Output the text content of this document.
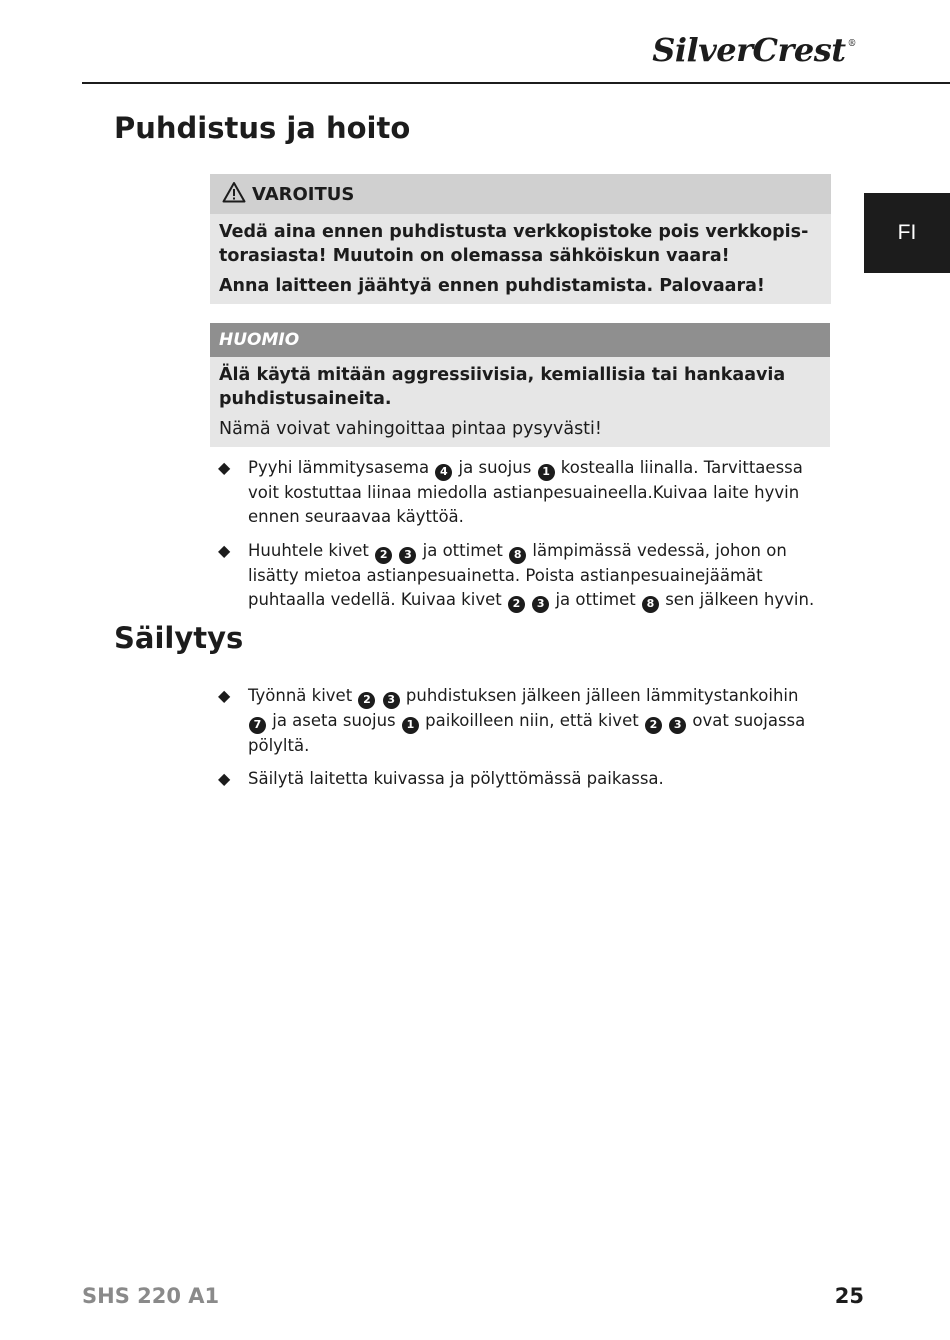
SilverCrest ®
FI
Puhdistus ja hoito
VAROITUS

Vedä aina ennen puhdistusta verkkopistoke pois verkkopistorasiasta! Muutoin on olemassa sähköiskun vaara!

Anna laitteen jäähtyä ennen puhdistamista. Palovaara!

HUOMIO

Älä käytä mitään aggressiivisia, kemiallisia tai hankaavia puhdistusaineita.

Nämä voivat vahingoittaa pintaa pysyvästi!

◆	Pyyhi lämmitysasema 4 ja suojus 1 kostealla liinalla. Tarvittaessa voit kostuttaa liinaa miedolla astianpesuaineella.Kuivaa laite hyvin ennen seuraavaa käyttöä.
◆	Huuhtele kivet 2 3 ja ottimet 8 lämpimässä vedessä, johon on lisätty mietoa astianpesuainetta. Poista astianpesuainejäämät puhtaalla vedellä. Kuivaa kivet 2 3 ja ottimet 8 sen jälkeen hyvin.
Säilytys
◆	Työnnä kivet 2 3 puhdistuksen jälkeen jälleen lämmitystankoihin 7 ja aseta suojus 1 paikoilleen niin, että kivet 2 3 ovat suojassa pölyltä.
◆	Säilytä laitetta kuivassa ja pölyttömässä paikassa.
SHS 220 A1	25
